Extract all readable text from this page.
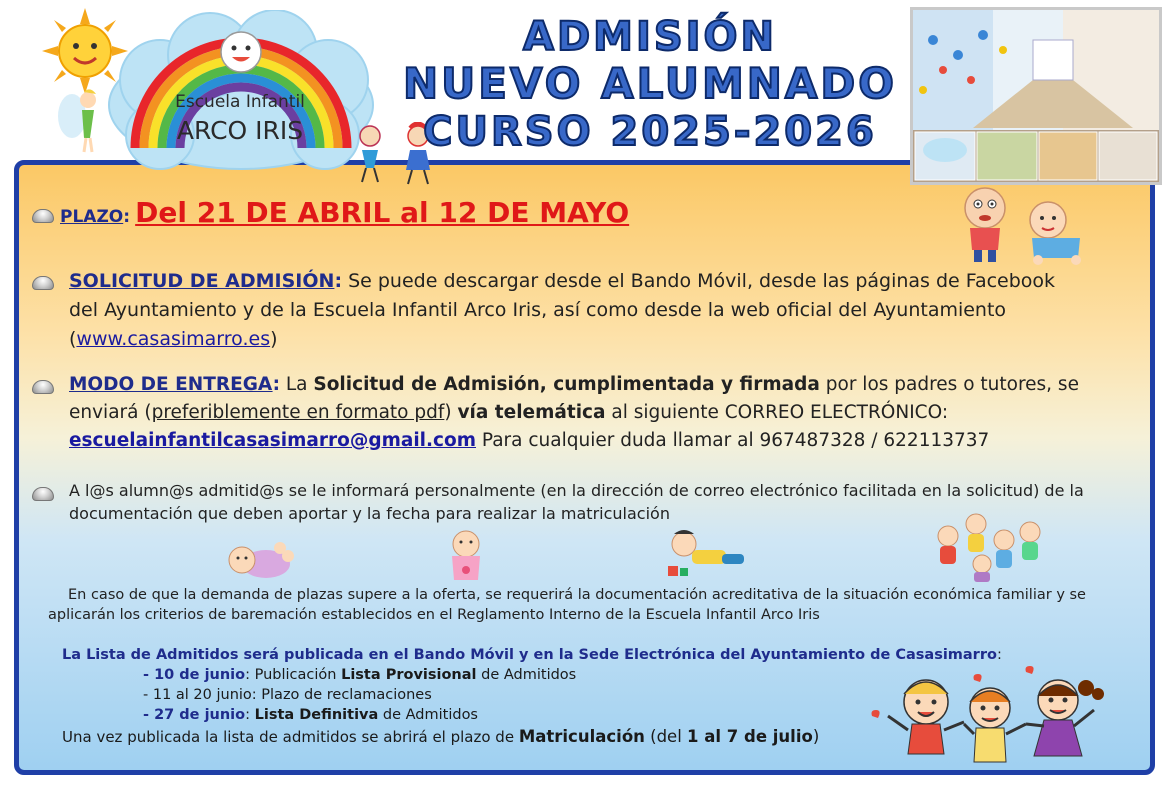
Escuela Infantil
ARCO IRIS
ADMISIÓN
NUEVO ALUMNADO
CURSO 2025-2026
PLAZO: Del 21 DE ABRIL al 12 DE MAYO
SOLICITUD DE ADMISIÓN: Se puede descargar desde el Bando Móvil, desde las páginas de Facebook del Ayuntamiento y de la Escuela Infantil Arco Iris, así como desde la web oficial del Ayuntamiento (www.casasimarro.es)
MODO DE ENTREGA: La Solicitud de Admisión, cumplimentada y firmada por los padres o tutores, se enviará (preferiblemente en formato pdf) vía telemática al siguiente CORREO ELECTRÓNICO: escuelainfantilcasasimarro@gmail.com Para cualquier duda llamar al 967487328 / 622113737
A l@s alumn@s admitid@s se le informará personalmente (en la dirección de correo electrónico facilitada en la solicitud) de la documentación que deben aportar y la fecha para realizar la matriculación
En caso de que la demanda de plazas supere a la oferta, se requerirá la documentación acreditativa de la situación económica familiar y se aplicarán los criterios de baremación establecidos en el Reglamento Interno de la Escuela Infantil Arco Iris
La Lista de Admitidos será publicada en el Bando Móvil y en la Sede Electrónica del Ayuntamiento de Casasimarro:
- 10 de junio: Publicación Lista Provisional de Admitidos
- 11 al 20 junio: Plazo de reclamaciones
- 27 de junio: Lista Definitiva de Admitidos
Una vez publicada la lista de admitidos se abrirá el plazo de Matriculación (del 1 al 7 de julio)
